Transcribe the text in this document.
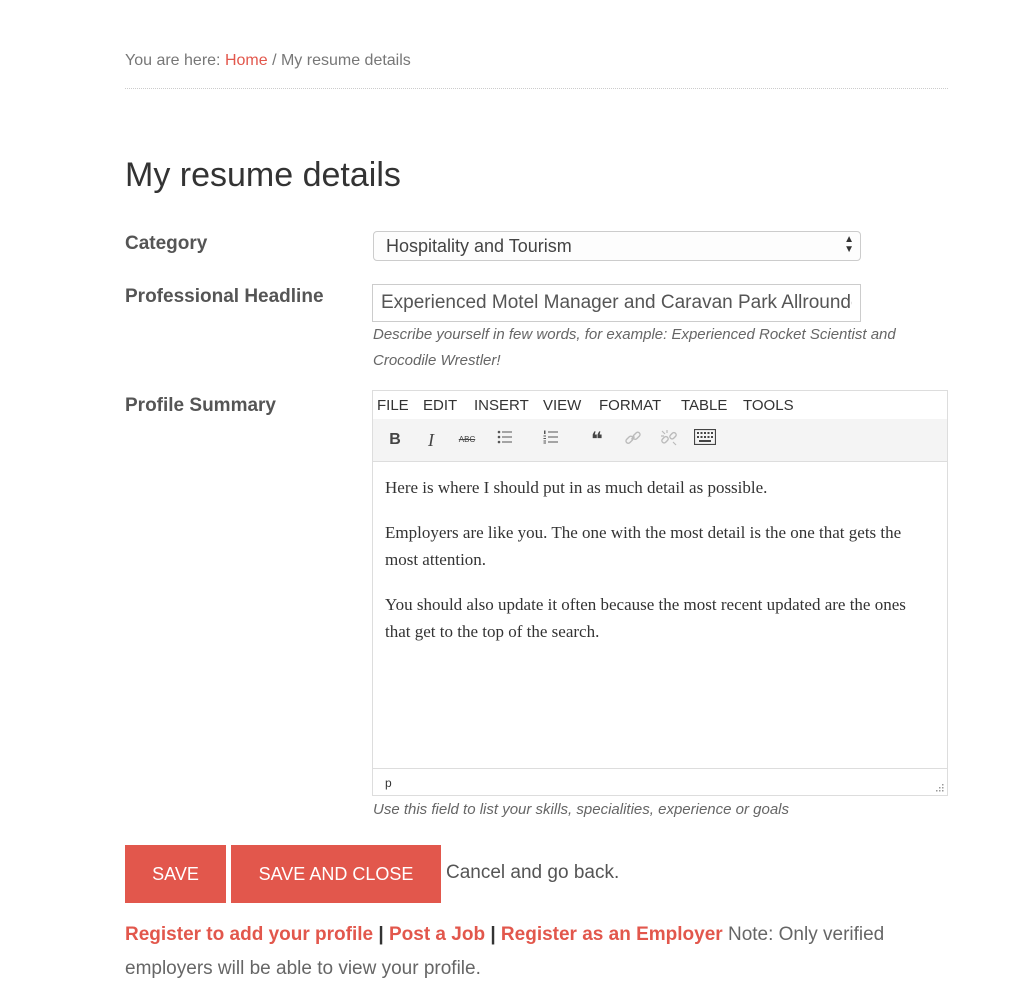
You are here: Home / My resume details
My resume details
Category	Hospitality and Tourism	▲
▼
Professional Headline
Experienced Motel Manager and Caravan Park Allrounder
Describe yourself in few words, for example: Experienced Rocket Scientist and Crocodile Wrestler!
Profile Summary	FILE EDIT INSERT VIEW FORMAT TABLE TOOLS
B	I	ABC	❝

Here is where I should put in as much detail as possible.

Employers are like you. The one with the most detail is the one that gets the most attention.

You should also update it often because the most recent updated are the ones that get to the top of the search.

p
Use this field to list your skills, specialities, experience or goals
SAVE	SAVE AND CLOSE	Cancel and go back.
Register to add your profile | Post a Job | Register as an Employer Note: Only verified employers will be able to view your profile.
